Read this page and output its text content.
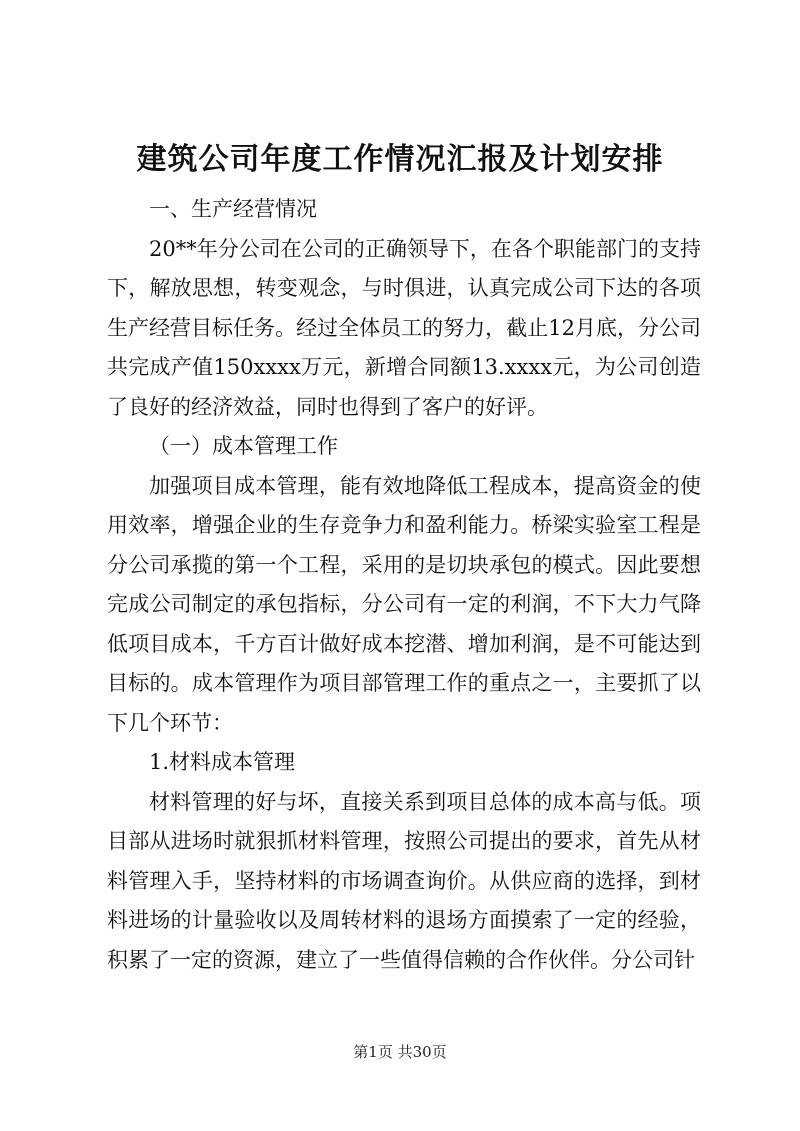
建筑公司年度工作情况汇报及计划安排

一、生产经营情况

20**年分公司在公司的正确领导下，在各个职能部门的支持下，解放思想，转变观念，与时俱进，认真完成公司下达的各项生产经营目标任务。经过全体员工的努力，截止12月底，分公司共完成产值150xxxx万元，新增合同额13.xxxx元，为公司创造了良好的经济效益，同时也得到了客户的好评。

（一）成本管理工作

加强项目成本管理，能有效地降低工程成本，提高资金的使用效率，增强企业的生存竞争力和盈利能力。桥梁实验室工程是分公司承揽的第一个工程，采用的是切块承包的模式。因此要想完成公司制定的承包指标，分公司有一定的利润，不下大力气降低项目成本，千方百计做好成本挖潜、增加利润，是不可能达到目标的。成本管理作为项目部管理工作的重点之一，主要抓了以下几个环节：

1.材料成本管理

材料管理的好与坏，直接关系到项目总体的成本高与低。项目部从进场时就狠抓材料管理，按照公司提出的要求，首先从材料管理入手，坚持材料的市场调查询价。从供应商的选择，到材料进场的计量验收以及周转材料的退场方面摸索了一定的经验，积累了一定的资源，建立了一些值得信赖的合作伙伴。分公司针

第1页 共30页
